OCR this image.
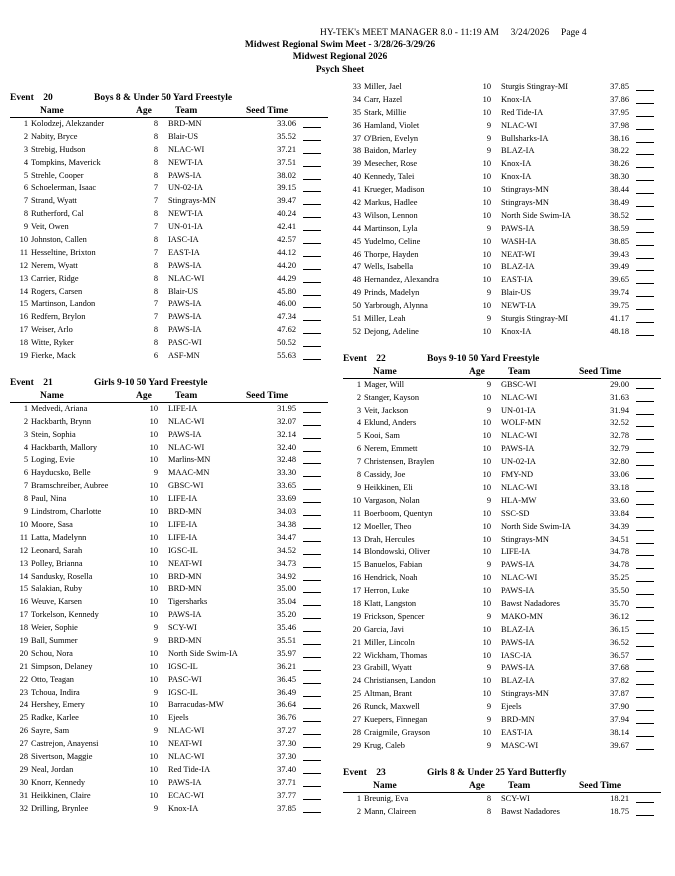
HY-TEK's MEET MANAGER 8.0 - 11:19 AM     3/24/2026     Page 4
Midwest Regional Swim Meet - 3/28/26-3/29/26
Midwest Regional 2026
Psych Sheet
Event    20	Boys 8 & Under 50 Yard Freestyle
Name	Age Team	Seed Time
1 Kolodzej, Alekzander	8 BRD-MN	33.06
2 Nabity, Bryce	8 Blair-US	35.52
3 Strebig, Hudson	8 NLAC-WI	37.21
4 Tompkins, Maverick	8 NEWT-IA	37.51
5 Strehle, Cooper	8 PAWS-IA	38.02
6 Schoelerman, Isaac	7 UN-02-IA	39.15
7 Strand, Wyatt	7 Stingrays-MN	39.47
8 Rutherford, Cal	8 NEWT-IA	40.24
9 Veit, Owen	7 UN-01-IA	42.41
10 Johnston, Callen	8 IASC-IA	42.57
11 Hesseltine, Brixton	7 EAST-IA	44.12
12 Nerem, Wyatt	8 PAWS-IA	44.20
13 Carrier, Ridge	8 NLAC-WI	44.29
14 Rogers, Carsen	8 Blair-US	45.80
15 Martinson, Landon	7 PAWS-IA	46.00
16 Redfern, Brylon	7 PAWS-IA	47.34
17 Weiser, Arlo	8 PAWS-IA	47.62
18 Witte, Ryker	8 PASC-WI	50.52
19 Fierke, Mack	6 ASF-MN	55.63
Event    21	Girls 9-10 50 Yard Freestyle
Name	Age Team	Seed Time
1 Medvedi, Ariana	10 LIFE-IA	31.95
2 Hackbarth, Brynn	10 NLAC-WI	32.07
3 Stein, Sophia	10 PAWS-IA	32.14
4 Hackbarth, Mallory	10 NLAC-WI	32.40
5 Loging, Evie	10 Marlins-MN	32.48
6 Hayducsko, Belle	9 MAAC-MN	33.30
7 Bramschreiber, Aubree	10 GBSC-WI	33.65
8 Paul, Nina	10 LIFE-IA	33.69
9 Lindstrom, Charlotte	10 BRD-MN	34.03
10 Moore, Sasa	10 LIFE-IA	34.38
11 Latta, Madelynn	10 LIFE-IA	34.47
12 Leonard, Sarah	10 IGSC-IL	34.52
13 Polley, Brianna	10 NEAT-WI	34.73
14 Sandusky, Rosella	10 BRD-MN	34.92
15 Salakian, Ruby	10 BRD-MN	35.00
16 Weuve, Karsen	10 Tigersharks	35.04
17 Torkelson, Kennedy	10 PAWS-IA	35.20
18 Weier, Sophie	9 SCY-WI	35.46
19 Ball, Summer	9 BRD-MN	35.51
20 Schou, Nora	10 North Side Swim-IA	35.97
21 Simpson, Delaney	10 IGSC-IL	36.21
22 Otto, Teagan	10 PASC-WI	36.45
23 Tchoua, Indira	9 IGSC-IL	36.49
24 Hershey, Emery	10 Barracudas-MW	36.64
25 Radke, Karlee	10 Ejeels	36.76
26 Sayre, Sam	9 NLAC-WI	37.27
27 Castrejon, Anayensi	10 NEAT-WI	37.30
28 Sivertson, Maggie	10 NLAC-WI	37.30
29 Neal, Jordan	10 Red Tide-IA	37.40
30 Knorr, Kennedy	10 PAWS-IA	37.71
31 Heikkinen, Claire	10 ECAC-WI	37.77
32 Drilling, Brynlee	9 Knox-IA	37.85
33 Miller, Jael	10 Sturgis Stingray-MI	37.85
34 Carr, Hazel	10 Knox-IA	37.86
35 Stark, Millie	10 Red Tide-IA	37.95
36 Hamland, Violet	9 NLAC-WI	37.98
37 O'Brien, Evelyn	9 Bullsharks-IA	38.16
38 Baidon, Marley	9 BLAZ-IA	38.22
39 Mesecher, Rose	10 Knox-IA	38.26
40 Kennedy, Talei	10 Knox-IA	38.30
41 Krueger, Madison	10 Stingrays-MN	38.44
42 Markus, Hadlee	10 Stingrays-MN	38.49
43 Wilson, Lennon	10 North Side Swim-IA	38.52
44 Martinson, Lyla	9 PAWS-IA	38.59
45 Yudelmo, Celine	10 WASH-IA	38.85
46 Thorpe, Hayden	10 NEAT-WI	39.43
47 Wells, Isabella	10 BLAZ-IA	39.49
48 Hernandez, Alexandra	10 EAST-IA	39.65
49 Prinds, Madelyn	9 Blair-US	39.74
50 Yarbrough, Alynna	10 NEWT-IA	39.75
51 Miller, Leah	9 Sturgis Stingray-MI	41.17
52 Dejong, Adeline	10 Knox-IA	48.18
Event    22	Boys 9-10 50 Yard Freestyle
Name	Age Team	Seed Time
1 Mager, Will	9 GBSC-WI	29.00
2 Stanger, Kayson	10 NLAC-WI	31.63
3 Veit, Jackson	9 UN-01-IA	31.94
4 Eklund, Anders	10 WOLF-MN	32.52
5 Kooi, Sam	10 NLAC-WI	32.78
6 Nerem, Emmett	10 PAWS-IA	32.79
7 Christensen, Braylen	10 UN-02-IA	32.80
8 Cassidy, Joe	10 FMY-ND	33.06
9 Heikkinen, Eli	10 NLAC-WI	33.18
10 Vargason, Nolan	9 HLA-MW	33.60
11 Boerboom, Quentyn	10 SSC-SD	33.84
12 Moeller, Theo	10 North Side Swim-IA	34.39
13 Drah, Hercules	10 Stingrays-MN	34.51
14 Blondowski, Oliver	10 LIFE-IA	34.78
15 Banuelos, Fabian	9 PAWS-IA	34.78
16 Hendrick, Noah	10 NLAC-WI	35.25
17 Herron, Luke	10 PAWS-IA	35.50
18 Klatt, Langston	10 Bawst Nadadores	35.70
19 Frickson, Spencer	9 MAKO-MN	36.12
20 Garcia, Javi	10 BLAZ-IA	36.15
21 Miller, Lincoln	10 PAWS-IA	36.52
22 Wickham, Thomas	10 IASC-IA	36.57
23 Grabill, Wyatt	9 PAWS-IA	37.68
24 Christiansen, Landon	10 BLAZ-IA	37.82
25 Altman, Brant	10 Stingrays-MN	37.87
26 Runck, Maxwell	9 Ejeels	37.90
27 Kuepers, Finnegan	9 BRD-MN	37.94
28 Craigmile, Grayson	10 EAST-IA	38.14
29 Krug, Caleb	9 MASC-WI	39.67
Event    23	Girls 8 & Under 25 Yard Butterfly
Name	Age Team	Seed Time
1 Breunig, Eva	8 SCY-WI	18.21
2 Mann, Claireen	8 Bawst Nadadores	18.75
